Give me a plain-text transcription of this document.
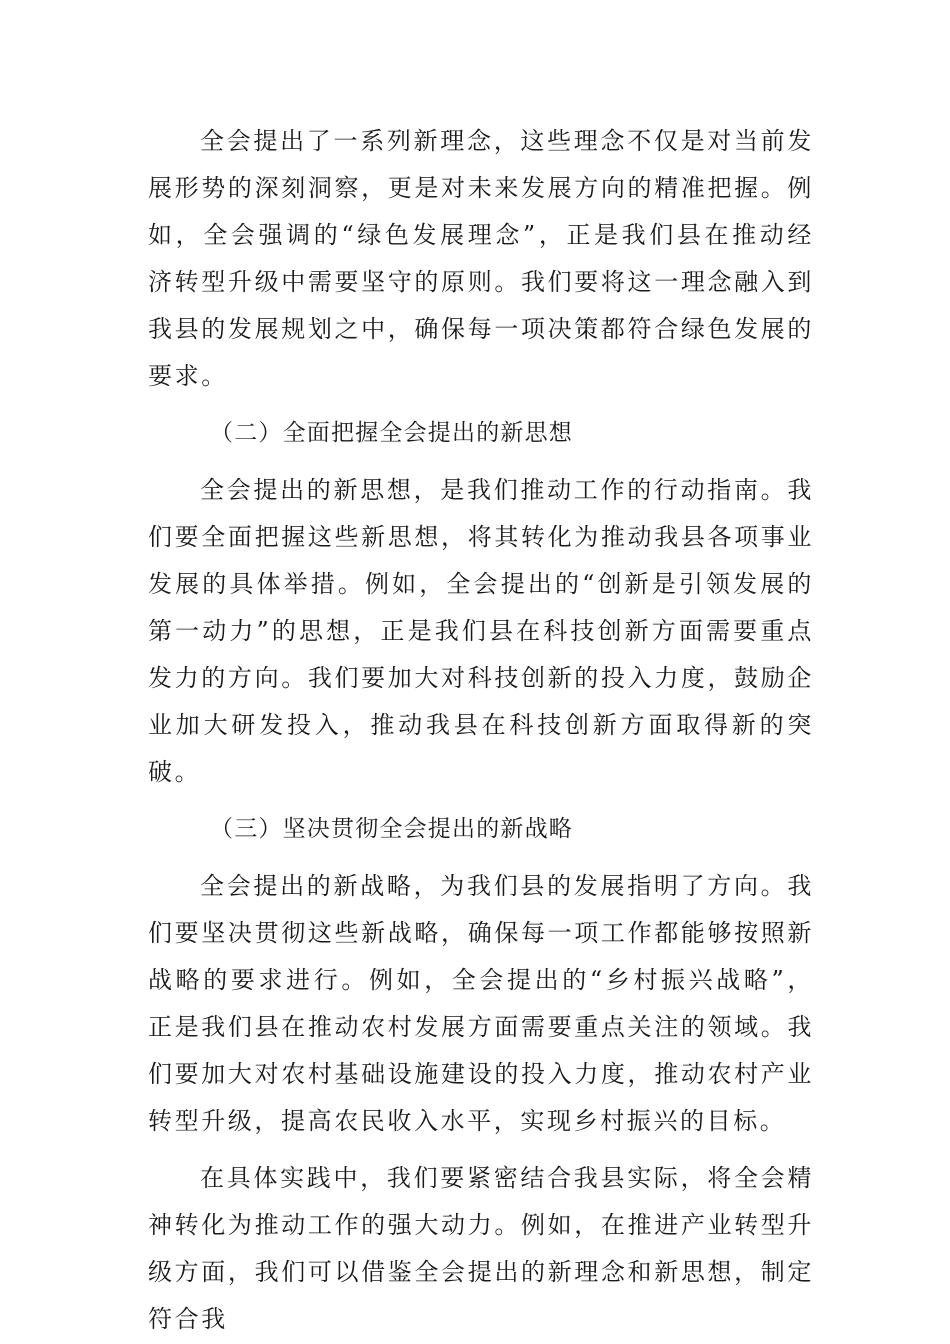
全会提出了一系列新理念，这些理念不仅是对当前发展形势的深刻洞察，更是对未来发展方向的精准把握。例如，全会强调的“绿色发展理念”，正是我们县在推动经济转型升级中需要坚守的原则。我们要将这一理念融入到我县的发展规划之中，确保每一项决策都符合绿色发展的要求。

（二）全面把握全会提出的新思想

全会提出的新思想，是我们推动工作的行动指南。我们要全面把握这些新思想，将其转化为推动我县各项事业发展的具体举措。例如，全会提出的“创新是引领发展的第一动力”的思想，正是我们县在科技创新方面需要重点发力的方向。我们要加大对科技创新的投入力度，鼓励企业加大研发投入，推动我县在科技创新方面取得新的突破。

（三）坚决贯彻全会提出的新战略

全会提出的新战略，为我们县的发展指明了方向。我们要坚决贯彻这些新战略，确保每一项工作都能够按照新战略的要求进行。例如，全会提出的“乡村振兴战略”，正是我们县在推动农村发展方面需要重点关注的领域。我们要加大对农村基础设施建设的投入力度，推动农村产业转型升级，提高农民收入水平，实现乡村振兴的目标。

在具体实践中，我们要紧密结合我县实际，将全会精神转化为推动工作的强大动力。例如，在推进产业转型升级方面，我们可以借鉴全会提出的新理念和新思想，制定符合我
